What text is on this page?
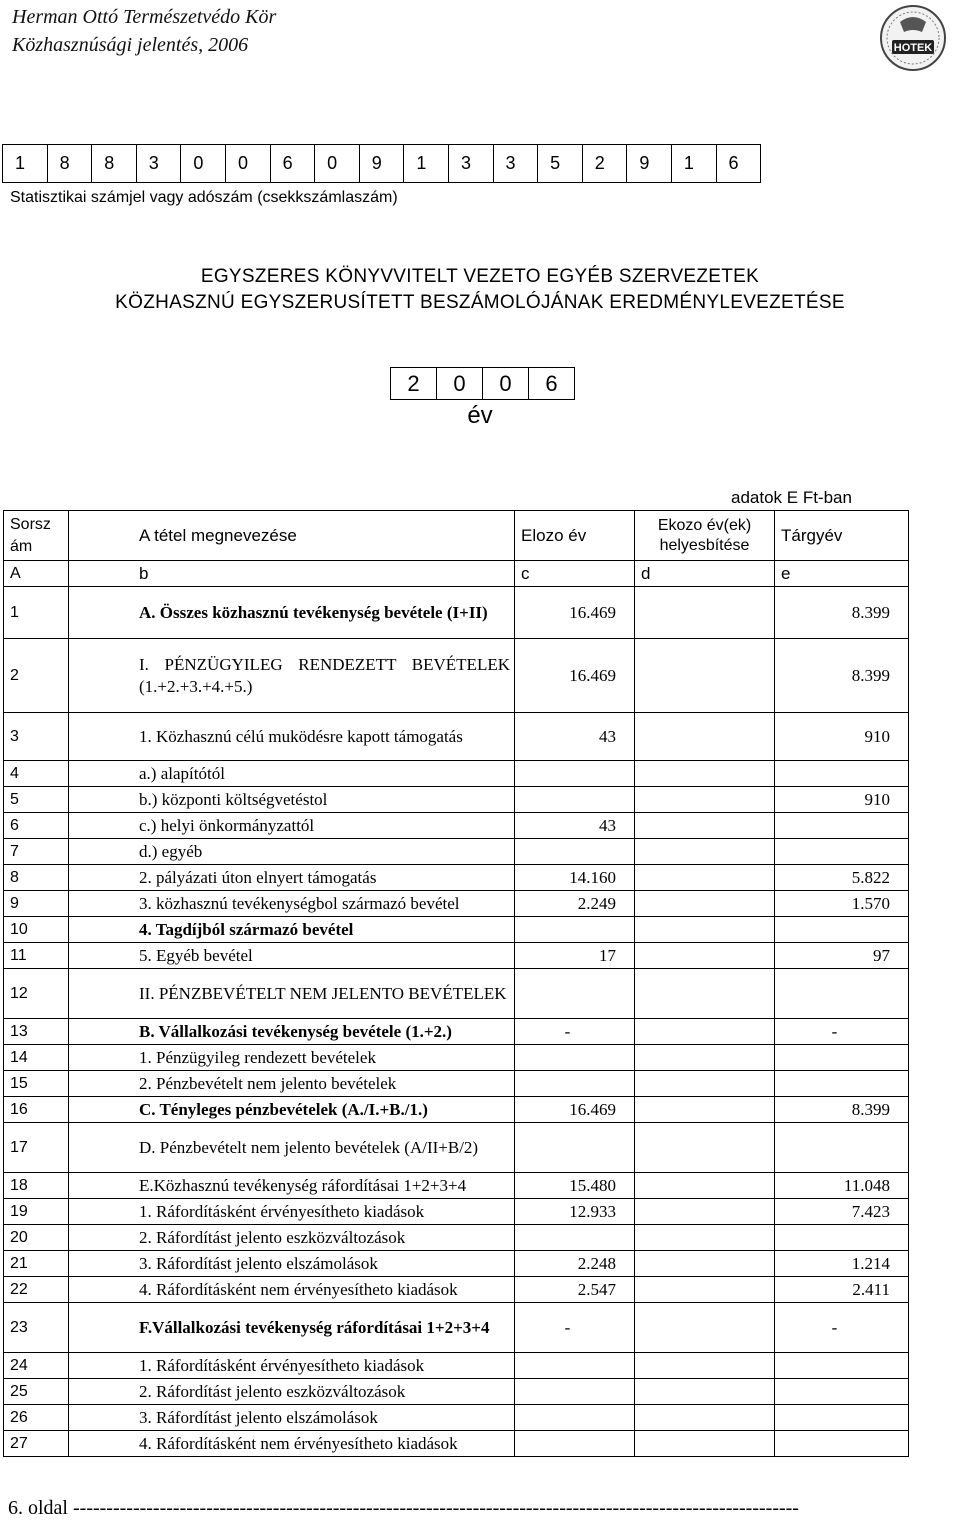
Herman Ottó Természetvédo Kör
Közhasznúsági jelentés, 2006	HOTEK
1	8	8	3	0	0	6	0	9	1	3	3	5	2	9	1	6
Statisztikai számjel vagy adószám (csekkszámlaszám)
EGYSZERES KÖNYVVITELT VEZETO EGYÉB SZERVEZETEK
KÖZHASZNÚ EGYSZERUSÍTETT BESZÁMOLÓJÁNAK EREDMÉNYLEVEZETÉSE
2	0	0	6
év
adatok E Ft-ban
Sorsz ám	A tétel megnevezése	Elozo év	Ekozo év(ek) helyesbítése	Tárgyév
A	b	c	d	e
1	A. Összes közhasznú tevékenység bevétele (I+II)	16.469		8.399
2	I. PÉNZÜGYILEG RENDEZETT BEVÉTELEK (1.+2.+3.+4.+5.)	16.469		8.399
3	1. Közhasznú célú muködésre kapott támogatás	43		910
4	a.) alapítótól			
5	b.) központi költségvetéstol			910
6	c.) helyi önkormányzattól	43		
7	d.) egyéb			
8	2. pályázati úton elnyert támogatás	14.160		5.822
9	3. közhasznú tevékenységbol származó bevétel	2.249		1.570
10	4. Tagdíjból származó bevétel			
11	5. Egyéb bevétel	17		97
12	II. PÉNZBEVÉTELT NEM JELENTO BEVÉTELEK			
13	B. Vállalkozási tevékenység bevétele (1.+2.)	-		-
14	1. Pénzügyileg rendezett bevételek			
15	2. Pénzbevételt nem jelento bevételek			
16	C. Tényleges pénzbevételek (A./I.+B./1.)	16.469		8.399
17	D. Pénzbevételt nem jelento bevételek (A/II+B/2)			
18	E.Közhasznú tevékenység ráfordításai 1+2+3+4	15.480		11.048
19	1. Ráfordításként érvényesítheto kiadások	12.933		7.423
20	2. Ráfordítást jelento eszközváltozások			
21	3. Ráfordítást jelento elszámolások	2.248		1.214
22	4. Ráfordításként nem érvényesítheto kiadások	2.547		2.411
23	F.Vállalkozási tevékenység ráfordításai 1+2+3+4	-		-
24	1. Ráfordításként érvényesítheto kiadások			
25	2. Ráfordítást jelento eszközváltozások			
26	3. Ráfordítást jelento elszámolások			
27	4. Ráfordításként nem érvényesítheto kiadások			
6. oldal -------------------------------------------------------------------------------------------------------------
